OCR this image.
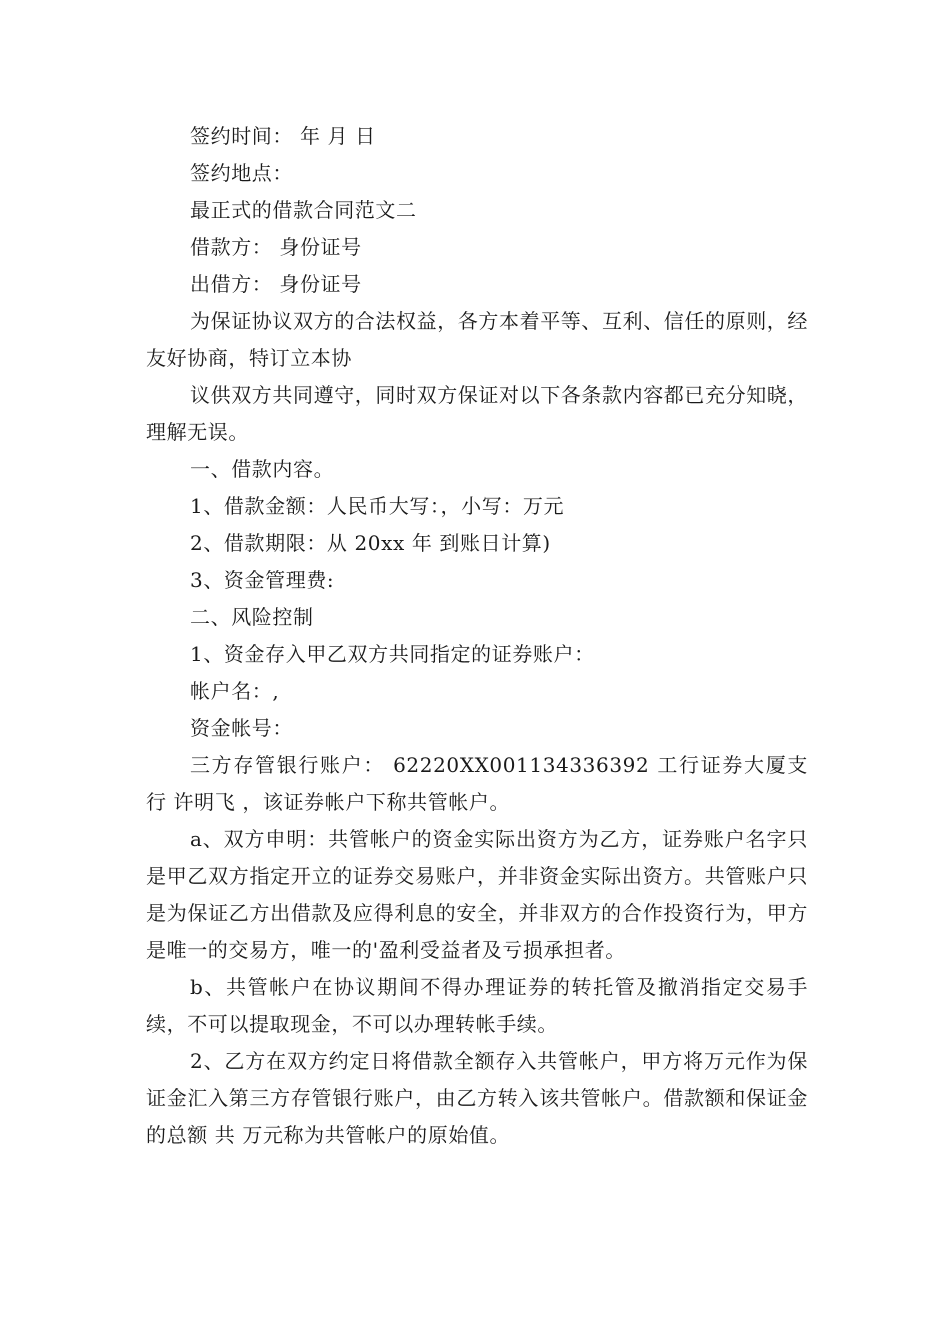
签约时间： 年 月 日

签约地点：

最正式的借款合同范文二

借款方： 身份证号

出借方： 身份证号

为保证协议双方的合法权益，各方本着平等、互利、信任的原则，经友好协商，特订立本协

议供双方共同遵守，同时双方保证对以下各条款内容都已充分知晓，理解无误。

一、借款内容。

1、借款金额：人民币大写：，小写：万元

2、借款期限：从 20xx 年 到账日计算)

3、资金管理费:

二、风险控制

1、资金存入甲乙双方共同指定的证券账户：

帐户名：,

资金帐号：

三方存管银行账户： 62220XX001134336392 工行证券大厦支行 许明飞 ，该证券帐户下称共管帐户。

a、双方申明：共管帐户的资金实际出资方为乙方，证券账户名字只是甲乙双方指定开立的证券交易账户，并非资金实际出资方。共管账户只是为保证乙方出借款及应得利息的安全，并非双方的合作投资行为，甲方是唯一的交易方，唯一的'盈利受益者及亏损承担者。

b、共管帐户在协议期间不得办理证券的转托管及撤消指定交易手续，不可以提取现金，不可以办理转帐手续。

2、乙方在双方约定日将借款全额存入共管帐户，甲方将万元作为保证金汇入第三方存管银行账户，由乙方转入该共管帐户。借款额和保证金的总额 共 万元称为共管帐户的原始值。
